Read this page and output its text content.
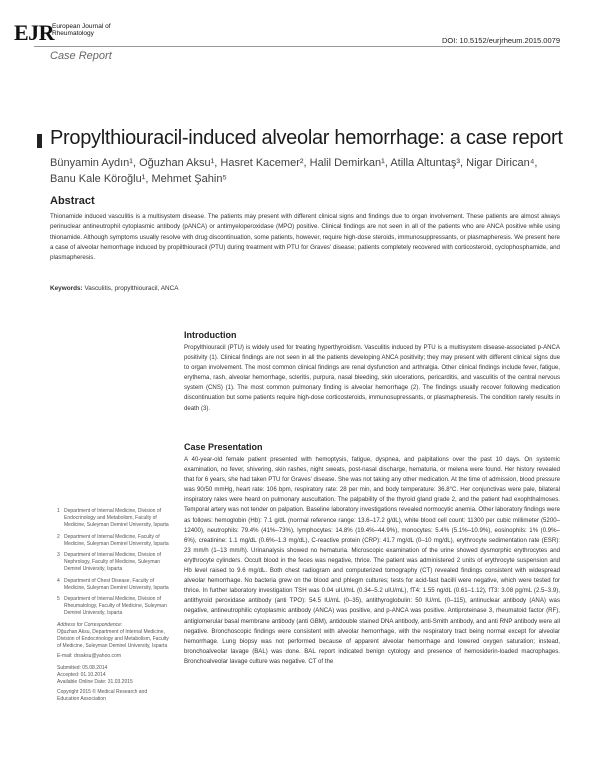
EJR
European Journal of Rheumatology
DOI: 10.5152/eurjrheum.2015.0079
Case Report
Propylthiouracil-induced alveolar hemorrhage: a case report
Bünyamin Aydın¹, Oğuzhan Aksu¹, Hasret Kacemer², Halil Demirkan¹, Atilla Altuntaş³, Nigar Dirican⁴, Banu Kale Köroğlu¹, Mehmet Şahin⁵
Abstract
Thionamide induced vasculitis is a multisystem disease. The patients may present with different clinical signs and findings due to organ involvement. These patients are almost always perinuclear antineutrophil cytoplasmic antibody (pANCA) or antimyeloperoxidase (MPO) positive. Clinical findings are not seen in all of the patients who are ANCA positive while using thionamide. Although symptoms usually resolve with drug discontinuation, some patients, however, require high-dose steroids, immunosuppressants, or plasmapheresis. We present here a case of alveolar hemorrhage induced by propilthiouracil (PTU) during treatment with PTU for Graves' disease; patients completely recovered with corticosteroid, cyclophosphamide, and plasmapheresis.
Keywords: Vasculitis, propylthiouracil, ANCA
Introduction
Propylthiouracil (PTU) is widely used for treating hyperthyroidism. Vasculitis induced by PTU is a multisystem disease-associated p-ANCA positivity (1). Clinical findings are not seen in all the patients developing ANCA positivity; they may present with different clinical signs due to organ involvement. The most common clinical findings are renal dysfunction and arthralgia. Other clinical findings include fever, fatigue, erythema, rash, alveolar hemorrhage, scleritis, purpura, nasal bleeding, skin ulcerations, pericarditis, and vasculitis of the central nervous system (CNS) (1). The most common pulmonary finding is alveolar hemorrhage (2). The findings usually recover following medication discontinuation but some patients require high-dose corticosteroids, immunosupressants, or plasmapheresis. The condition rarely results in death (3).
Case Presentation
A 40-year-old female patient presented with hemoptysis, fatigue, dyspnea, and palpitations over the past 10 days. On systemic examination, no fever, shivering, skin rashes, night sweats, post-nasal discharge, hematuria, or melena were found. Her history revealed that for 6 years, she had taken PTU for Graves' disease. She was not taking any other medication. At the time of admission, blood pressure was 90/50 mmHg, heart rate: 106 bpm, respiratory rate: 28 per min, and body temperature: 36.8°C. Her conjunctivas were pale, bilateral inspiratory rales were heard on pulmonary auscultation. The palpability of the thyroid gland grade 2, and the patient had exophthalmoses. Temporal artery was not tender on palpation. Baseline laboratory investigations revealed normocytic anemia. Other laboratory findings were as follows: hemoglobin (Hb): 7.1 g/dL (normal reference range: 13.6–17.2 g/dL), white blood cell count: 11300 per cubic millimeter (5200–12400), neutrophils: 79.4% (41%–73%), lymphocytes: 14.8% (19.4%–44.9%), monocytes: 5.4% (5.1%–10.9%), eosinophils: 1% (0.9%–6%), creatinine: 1.1 mg/dL (0.6%–1.3 mg/dL), C-reactive protein (CRP): 41.7 mg/dL (0–10 mg/dL), erythrocyte sedimentation rate (ESR): 23 mm/h (1–13 mm/h). Urinanalysis showed no hematuria. Microscopic examination of the urine showed dysmorphic erythrocytes and erythrocyte cylinders. Occult blood in the feces was negative, thrice. The patient was administered 2 units of erythrocyte suspension and Hb level raised to 9.6 mg/dL. Both chest radiogram and computerized tomography (CT) revealed findings consistent with widespread alveolar hemorrhage. No bacteria grew on the blood and phlegm cultures; tests for acid-fast bacilli were negative, which were tested for thrice. In further laboratory investigation TSH was 0.04 uIU/mL (0.34–5.2 uIU/mL), fT4: 1.55 ng/dL (0.61–1.12), fT3: 3.08 pg/mL (2.5–3.9), antithyroid peroxidase antibody (anti TPO): 54.5 IU/mL (0–35), antithyroglobulin: 50 IU/mL (0–115), antinuclear antibody (ANA) was negative, antineutrophilic cytoplasmic antibody (ANCA) was positive, and p-ANCA was positive. Antiproteinase 3, rheumatoid factor (RF), antiglomerular basal membrane antibody (anti GBM), antidouble stained DNA antibody, anti-Smith antibody, and anti RNP antibody were all negative. Bronchoscopic findings were consistent with alveolar hemorrhage, with the respiratory tract being normal except for alveolar hemorrhage. Lung biopsy was not performed because of apparent alveolar hemorrhage and lowered oxygen saturation; instead, bronchoalveolar lavage (BAL) was done. BAL report indicated benign cytology and presence of hemosiderin-loaded macrophages. Bronchoalveolar lavage culture was negative. CT of the
1 Department of Internal Medicine, Division of Endocrinology and Metabolism, Faculty of Medicine, Suleyman Demirel University, Isparta
2 Department of Internal Medicine, Faculty of Medicine, Suleyman Demirel University, Isparta
3 Department of Internal Medicine, Division of Nephrology, Faculty of Medicine, Suleyman Demirel University, Isparta
4 Department of Chest Disease, Faculty of Medicine, Suleyman Demirel University, Isparta
5 Department of Internal Medicine, Division of Rheumatology, Faculty of Medicine, Suleyman Demirel University, Isparta
Address for Correspondence:
Oğuzhan Aksu, Department of Internal Medicine, Division of Endocrinology and Metabolism, Faculty of Medicine, Suleyman Demirel University, Isparta
E-mail: drsaksu@yahoo.com
Submitted: 05.08.2014
Accepted: 01.10.2014
Available Online Date: 31.03.2015
Copyright 2015 © Medical Research and Education Association
